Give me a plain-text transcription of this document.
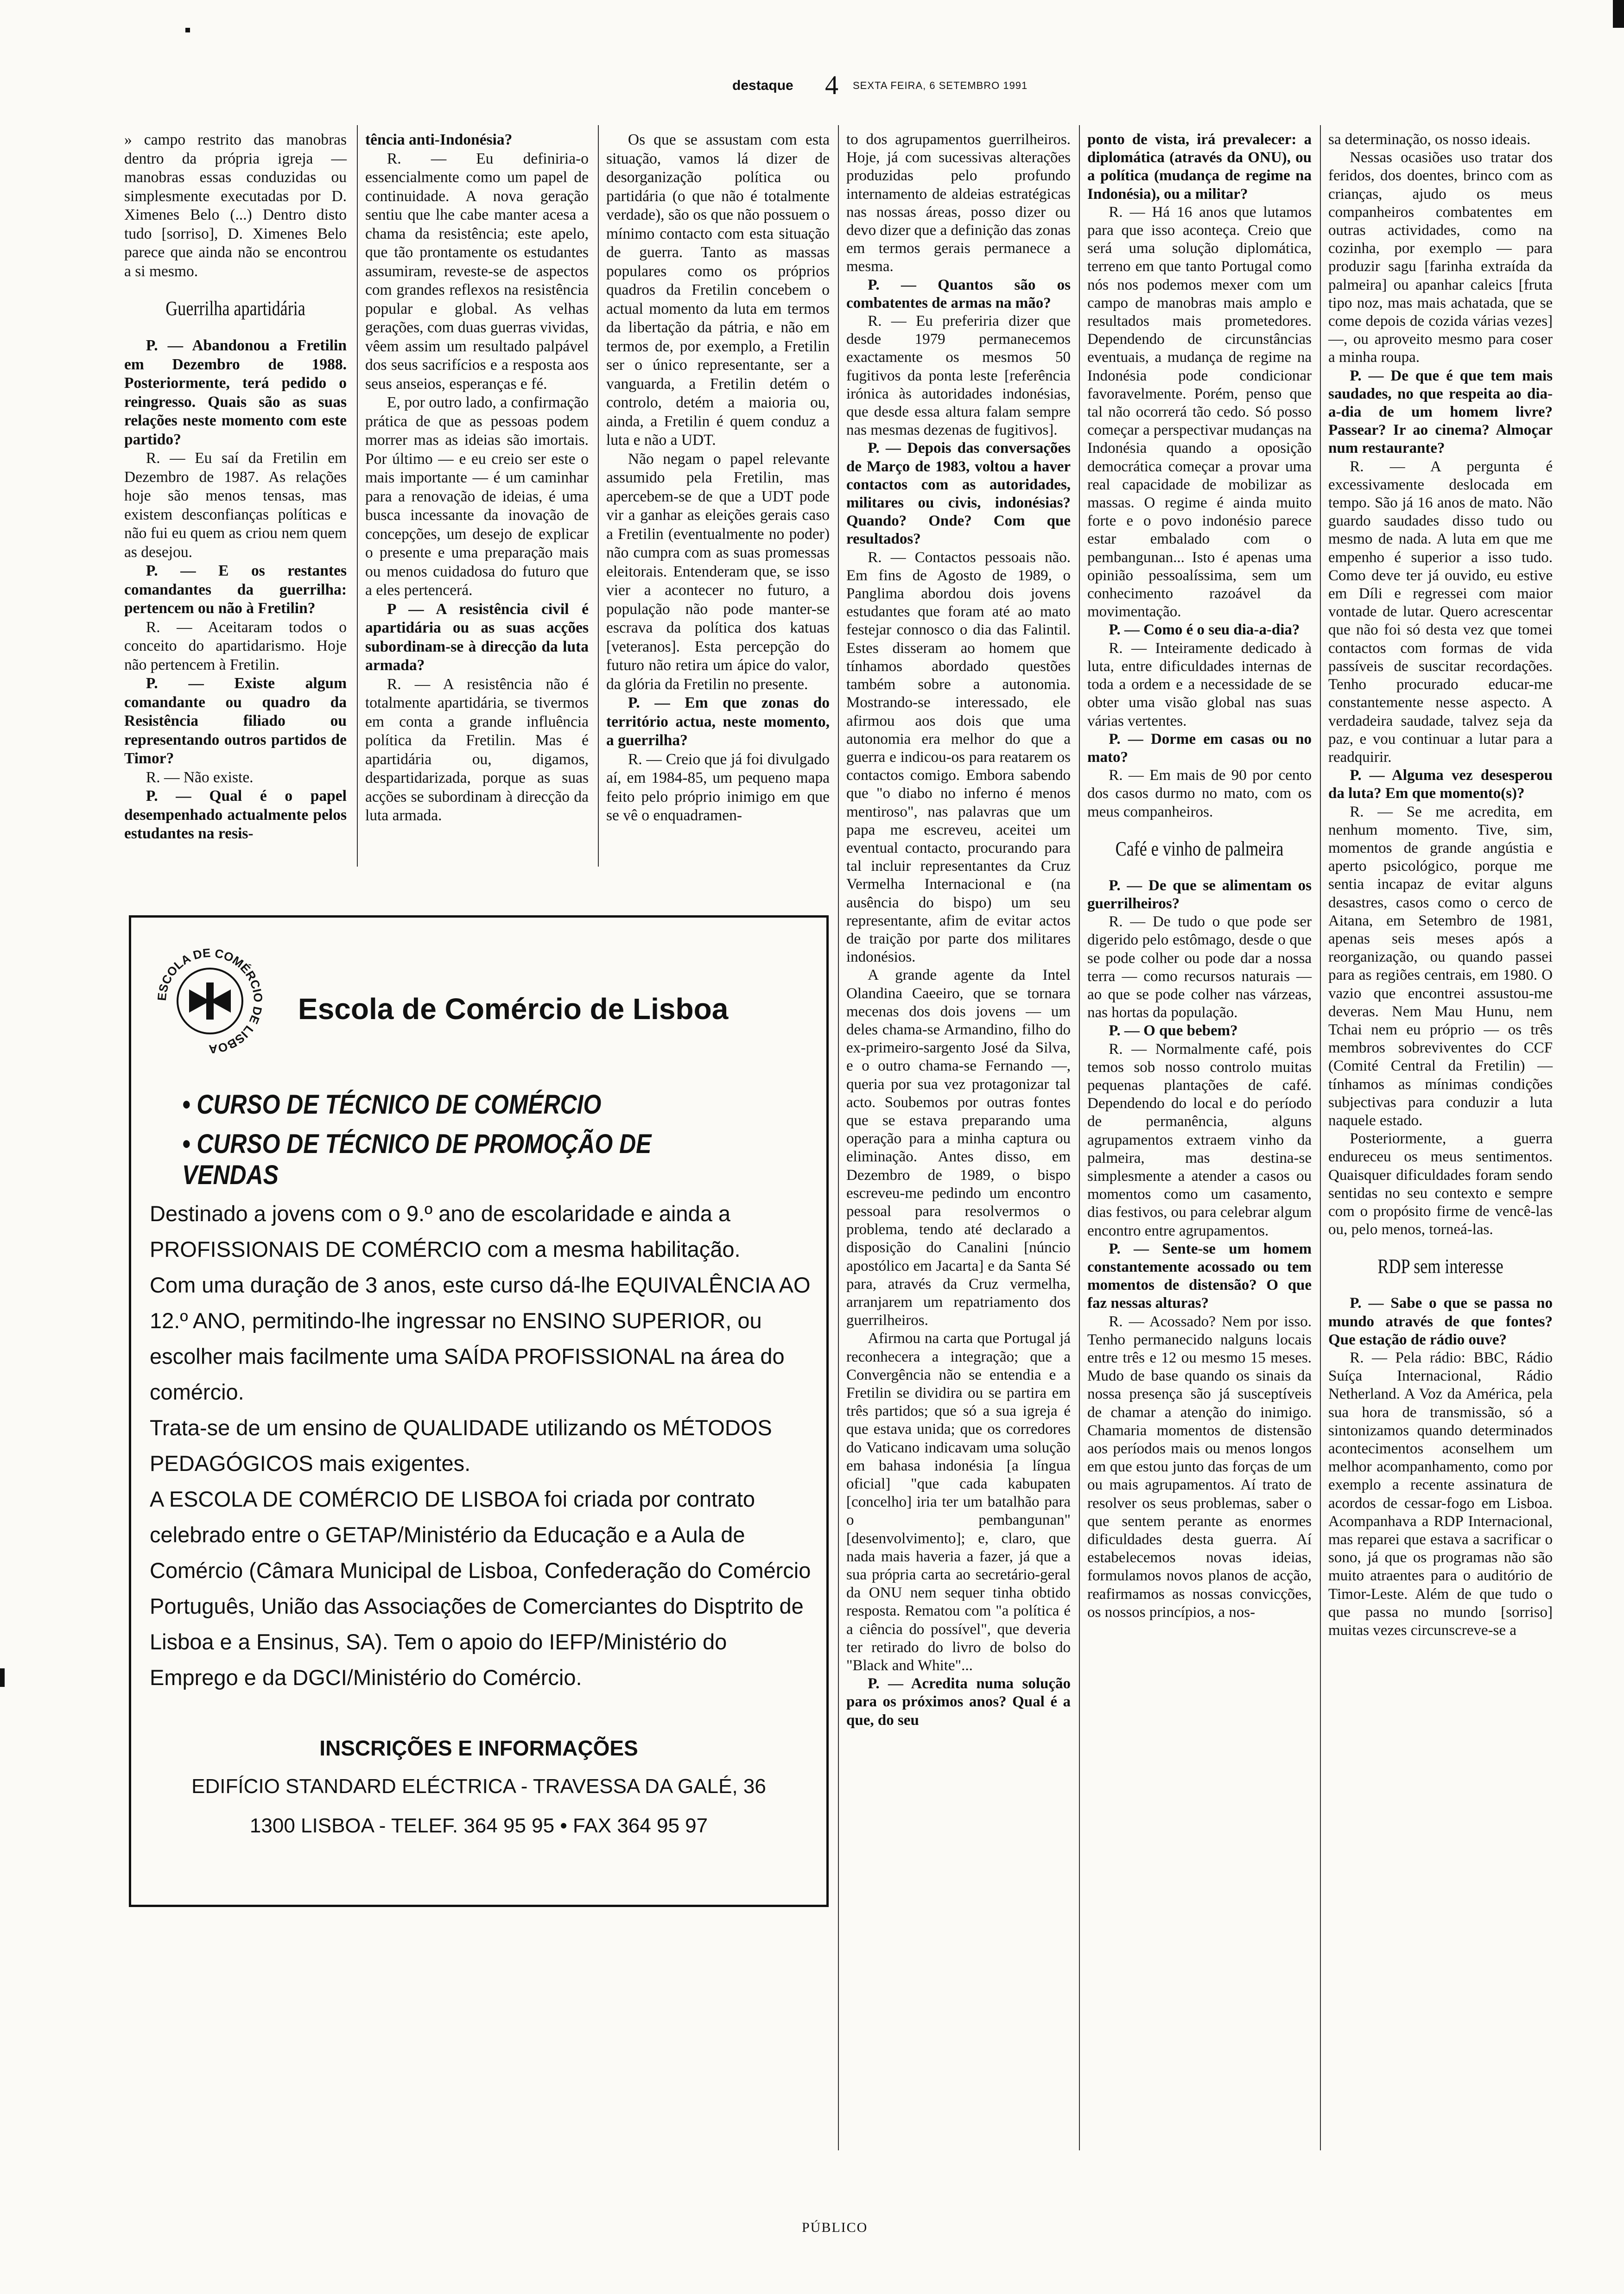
destaque 4 SEXTA FEIRA, 6 SETEMBRO 1991

» campo restrito das manobras dentro da própria igreja — manobras essas conduzidas ou simplesmente executadas por D. Ximenes Belo (...) Dentro disto tudo [sorriso], D. Ximenes Belo parece que ainda não se encontrou a si mesmo.

Guerrilha apartidária

P. — Abandonou a Fretilin em Dezembro de 1988. Posteriormente, terá pedido o reingresso. Quais são as suas relações neste momento com este partido?

R. — Eu saí da Fretilin em Dezembro de 1987. As relações hoje são menos tensas, mas existem desconfianças políticas e não fui eu quem as criou nem quem as desejou.

P. — E os restantes comandantes da guerrilha: pertencem ou não à Fretilin?

R. — Aceitaram todos o conceito do apartidarismo. Hoje não pertencem à Fretilin.

P. — Existe algum comandante ou quadro da Resistência filiado ou representando outros partidos de Timor?

R. — Não existe.

P. — Qual é o papel desempenhado actualmente pelos estudantes na resis-

tência anti-Indonésia?

R. — Eu definiria-o essencialmente como um papel de continuidade. A nova geração sentiu que lhe cabe manter acesa a chama da resistência; este apelo, que tão prontamente os estudantes assumiram, reveste-se de aspectos com grandes reflexos na resistência popular e global. As velhas gerações, com duas guerras vividas, vêem assim um resultado palpável dos seus sacrifícios e a resposta aos seus anseios, esperanças e fé.

E, por outro lado, a confirmação prática de que as pessoas podem morrer mas as ideias são imortais. Por último — e eu creio ser este o mais importante — é um caminhar para a renovação de ideias, é uma busca incessante da inovação de concepções, um desejo de explicar o presente e uma preparação mais ou menos cuidadosa do futuro que a eles pertencerá.

P — A resistência civil é apartidária ou as suas acções subordinam-se à direcção da luta armada?

R. — A resistência não é totalmente apartidária, se tivermos em conta a grande influência política da Fretilin. Mas é apartidária ou, digamos, despartidarizada, porque as suas acções se subordinam à direcção da luta armada.

Os que se assustam com esta situação, vamos lá dizer de desorganização política ou partidária (o que não é totalmente verdade), são os que não possuem o mínimo contacto com esta situação de guerra. Tanto as massas populares como os próprios quadros da Fretilin concebem o actual momento da luta em termos da libertação da pátria, e não em termos de, por exemplo, a Fretilin ser o único representante, ser a vanguarda, a Fretilin detém o controlo, detém a maioria ou, ainda, a Fretilin é quem conduz a luta e não a UDT.

Não negam o papel relevante assumido pela Fretilin, mas apercebem-se de que a UDT pode vir a ganhar as eleições gerais caso a Fretilin (eventualmente no poder) não cumpra com as suas promessas eleitorais. Entenderam que, se isso vier a acontecer no futuro, a população não pode manter-se escrava da política dos katuas [veteranos]. Esta percepção do futuro não retira um ápice do valor, da glória da Fretilin no presente.

P. — Em que zonas do território actua, neste momento, a guerrilha?

R. — Creio que já foi divulgado aí, em 1984-85, um pequeno mapa feito pelo próprio inimigo em que se vê o enquadramen-

to dos agrupamentos guerrilheiros. Hoje, já com sucessivas alterações produzidas pelo profundo internamento de aldeias estratégicas nas nossas áreas, posso dizer ou devo dizer que a definição das zonas em termos gerais permanece a mesma.

P. — Quantos são os combatentes de armas na mão?

R. — Eu preferiria dizer que desde 1979 permanecemos exactamente os mesmos 50 fugitivos da ponta leste [referência irónica às autoridades indonésias, que desde essa altura falam sempre nas mesmas dezenas de fugitivos].

P. — Depois das conversações de Março de 1983, voltou a haver contactos com as autoridades, militares ou civis, indonésias? Quando? Onde? Com que resultados?

R. — Contactos pessoais não. Em fins de Agosto de 1989, o Panglima abordou dois jovens estudantes que foram até ao mato festejar connosco o dia das Falintil. Estes disseram ao homem que tínhamos abordado questões também sobre a autonomia. Mostrando-se interessado, ele afirmou aos dois que uma autonomia era melhor do que a guerra e indicou-os para reatarem os contactos comigo. Embora sabendo que "o diabo no inferno é menos mentiroso", nas palavras que um papa me escreveu, aceitei um eventual contacto, procurando para tal incluir representantes da Cruz Vermelha Internacional e (na ausência do bispo) um seu representante, afim de evitar actos de traição por parte dos militares indonésios.

A grande agente da Intel Olandina Caeeiro, que se tornara mecenas dos dois jovens — um deles chama-se Armandino, filho do ex-primeiro-sargento José da Silva, e o outro chama-se Fernando —, queria por sua vez protagonizar tal acto. Soubemos por outras fontes que se estava preparando uma operação para a minha captura ou eliminação. Antes disso, em Dezembro de 1989, o bispo escreveu-me pedindo um encontro pessoal para resolvermos o problema, tendo até declarado a disposição do Canalini [núncio apostólico em Jacarta] e da Santa Sé para, através da Cruz vermelha, arranjarem um repatriamento dos guerrilheiros.

Afirmou na carta que Portugal já reconhecera a integração; que a Convergência não se entendia e a Fretilin se dividira ou se partira em três partidos; que só a sua igreja é que estava unida; que os corredores do Vaticano indicavam uma solução em bahasa indonésia [a língua oficial] "que cada kabupaten [concelho] iria ter um batalhão para o pembangunan" [desenvolvimento]; e, claro, que nada mais haveria a fazer, já que a sua própria carta ao secretário-geral da ONU nem sequer tinha obtido resposta. Rematou com "a política é a ciência do possível", que deveria ter retirado do livro de bolso do "Black and White"...

P. — Acredita numa solução para os próximos anos? Qual é a que, do seu

ponto de vista, irá prevalecer: a diplomática (através da ONU), ou a política (mudança de regime na Indonésia), ou a militar?

R. — Há 16 anos que lutamos para que isso aconteça. Creio que será uma solução diplomática, terreno em que tanto Portugal como nós nos podemos mexer com um campo de manobras mais amplo e resultados mais prometedores. Dependendo de circunstâncias eventuais, a mudança de regime na Indonésia pode condicionar favoravelmente. Porém, penso que tal não ocorrerá tão cedo. Só posso começar a perspectivar mudanças na Indonésia quando a oposição democrática começar a provar uma real capacidade de mobilizar as massas. O regime é ainda muito forte e o povo indonésio parece estar embalado com o pembangunan... Isto é apenas uma opinião pessoalíssima, sem um conhecimento razoável da movimentação.

P. — Como é o seu dia-a-dia?

R. — Inteiramente dedicado à luta, entre dificuldades internas de toda a ordem e a necessidade de se obter uma visão global nas suas várias vertentes.

P. — Dorme em casas ou no mato?

R. — Em mais de 90 por cento dos casos durmo no mato, com os meus companheiros.

Café e vinho de palmeira

P. — De que se alimentam os guerrilheiros?

R. — De tudo o que pode ser digerido pelo estômago, desde o que se pode colher ou pode dar a nossa terra — como recursos naturais — ao que se pode colher nas várzeas, nas hortas da população.

P. — O que bebem?

R. — Normalmente café, pois temos sob nosso controlo muitas pequenas plantações de café. Dependendo do local e do período de permanência, alguns agrupamentos extraem vinho da palmeira, mas destina-se simplesmente a atender a casos ou momentos como um casamento, dias festivos, ou para celebrar algum encontro entre agrupamentos.

P. — Sente-se um homem constantemente acossado ou tem momentos de distensão? O que faz nessas alturas?

R. — Acossado? Nem por isso. Tenho permanecido nalguns locais entre três e 12 ou mesmo 15 meses. Mudo de base quando os sinais da nossa presença são já susceptíveis de chamar a atenção do inimigo. Chamaria momentos de distensão aos períodos mais ou menos longos em que estou junto das forças de um ou mais agrupamentos. Aí trato de resolver os seus problemas, saber o que sentem perante as enormes dificuldades desta guerra. Aí estabelecemos novas ideias, formulamos novos planos de acção, reafirmamos as nossas convicções, os nossos princípios, a nos-

sa determinação, os nosso ideais.

Nessas ocasiões uso tratar dos feridos, dos doentes, brinco com as crianças, ajudo os meus companheiros combatentes em outras actividades, como na cozinha, por exemplo — para produzir sagu [farinha extraída da palmeira] ou apanhar caleics [fruta tipo noz, mas mais achatada, que se come depois de cozida várias vezes] —, ou aproveito mesmo para coser a minha roupa.

P. — De que é que tem mais saudades, no que respeita ao dia-a-dia de um homem livre? Passear? Ir ao cinema? Almoçar num restaurante?

R. — A pergunta é excessivamente deslocada em tempo. São já 16 anos de mato. Não guardo saudades disso tudo ou mesmo de nada. A luta em que me empenho é superior a isso tudo. Como deve ter já ouvido, eu estive em Díli e regressei com maior vontade de lutar. Quero acrescentar que não foi só desta vez que tomei contactos com formas de vida passíveis de suscitar recordações. Tenho procurado educar-me constantemente nesse aspecto. A verdadeira saudade, talvez seja da paz, e vou continuar a lutar para a readquirir.

P. — Alguma vez desesperou da luta? Em que momento(s)?

R. — Se me acredita, em nenhum momento. Tive, sim, momentos de grande angústia e aperto psicológico, porque me sentia incapaz de evitar alguns desastres, casos como o cerco de Aitana, em Setembro de 1981, apenas seis meses após a reorganização, ou quando passei para as regiões centrais, em 1980. O vazio que encontrei assustou-me deveras. Nem Mau Hunu, nem Tchai nem eu próprio — os três membros sobreviventes do CCF (Comité Central da Fretilin) — tínhamos as mínimas condições subjectivas para conduzir a luta naquele estado.

Posteriormente, a guerra endureceu os meus sentimentos. Quaisquer dificuldades foram sendo sentidas no seu contexto e sempre com o propósito firme de vencê-las ou, pelo menos, torneá-las.

RDP sem interesse

P. — Sabe o que se passa no mundo através de que fontes? Que estação de rádio ouve?

R. — Pela rádio: BBC, Rádio Suíça Internacional, Rádio Netherland. A Voz da América, pela sua hora de transmissão, só a sintonizamos quando determinados acontecimentos aconselhem um melhor acompanhamento, como por exemplo a recente assinatura de acordos de cessar-fogo em Lisboa. Acompanhava a RDP Internacional, mas reparei que estava a sacrificar o sono, já que os programas não são muito atraentes para o auditório de Timor-Leste. Além de que tudo o que passa no mundo [sorriso] muitas vezes circunscreve-se a

ESCOLA DE COMÉRCIO DE LISBOA
Escola de Comércio de Lisboa
• CURSO DE TÉCNICO DE COMÉRCIO
• CURSO DE TÉCNICO DE PROMOÇÃO DE VENDAS

Destinado a jovens com o 9.º ano de escolaridade e ainda a PROFISSIONAIS DE COMÉRCIO com a mesma habilitação.

Com uma duração de 3 anos, este curso dá-lhe EQUIVALÊNCIA AO 12.º ANO, permitindo-lhe ingressar no ENSINO SUPERIOR, ou escolher mais facilmente uma SAÍDA PROFISSIONAL na área do comércio.

Trata-se de um ensino de QUALIDADE utilizando os MÉTODOS PEDAGÓGICOS mais exigentes.

A ESCOLA DE COMÉRCIO DE LISBOA foi criada por contrato celebrado entre o GETAP/Ministério da Educação e a Aula de Comércio (Câmara Municipal de Lisboa, Confederação do Comércio Português, União das Associações de Comerciantes do Disptrito de Lisboa e a Ensinus, SA). Tem o apoio do IEFP/Ministério do Emprego e da DGCI/Ministério do Comércio.

INSCRIÇÕES E INFORMAÇÕES
EDIFÍCIO STANDARD ELÉCTRICA - TRAVESSA DA GALÉ, 36
1300 LISBOA - TELEF. 364 95 95 • FAX 364 95 97
PÚBLICO
